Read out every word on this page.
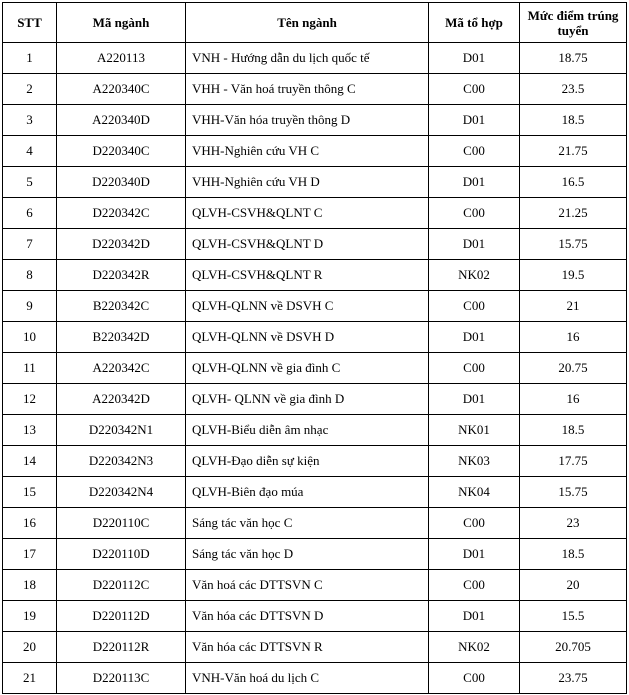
STT	Mã ngành	Tên ngành	Mã tổ hợp	Mức điểm trúng tuyển
1	A220113	VNH - Hướng dẫn du lịch quốc tế	D01	18.75
2	A220340C	VHH - Văn hoá truyền thông C	C00	23.5
3	A220340D	VHH-Văn hóa truyền thông D	D01	18.5
4	D220340C	VHH-Nghiên cứu VH C	C00	21.75
5	D220340D	VHH-Nghiên cứu VH D	D01	16.5
6	D220342C	QLVH-CSVH&QLNT C	C00	21.25
7	D220342D	QLVH-CSVH&QLNT D	D01	15.75
8	D220342R	QLVH-CSVH&QLNT R	NK02	19.5
9	B220342C	QLVH-QLNN về DSVH C	C00	21
10	B220342D	QLVH-QLNN về DSVH D	D01	16
11	A220342C	QLVH-QLNN về gia đình C	C00	20.75
12	A220342D	QLVH- QLNN về gia đình D	D01	16
13	D220342N1	QLVH-Biểu diễn âm nhạc	NK01	18.5
14	D220342N3	QLVH-Đạo diễn sự kiện	NK03	17.75
15	D220342N4	QLVH-Biên đạo múa	NK04	15.75
16	D220110C	Sáng tác văn học C	C00	23
17	D220110D	Sáng tác văn học D	D01	18.5
18	D220112C	Văn hoá các DTTSVN C	C00	20
19	D220112D	Văn hóa các DTTSVN D	D01	15.5
20	D220112R	Văn hóa các DTTSVN R	NK02	20.705
21	D220113C	VNH-Văn hoá du lịch C	C00	23.75
